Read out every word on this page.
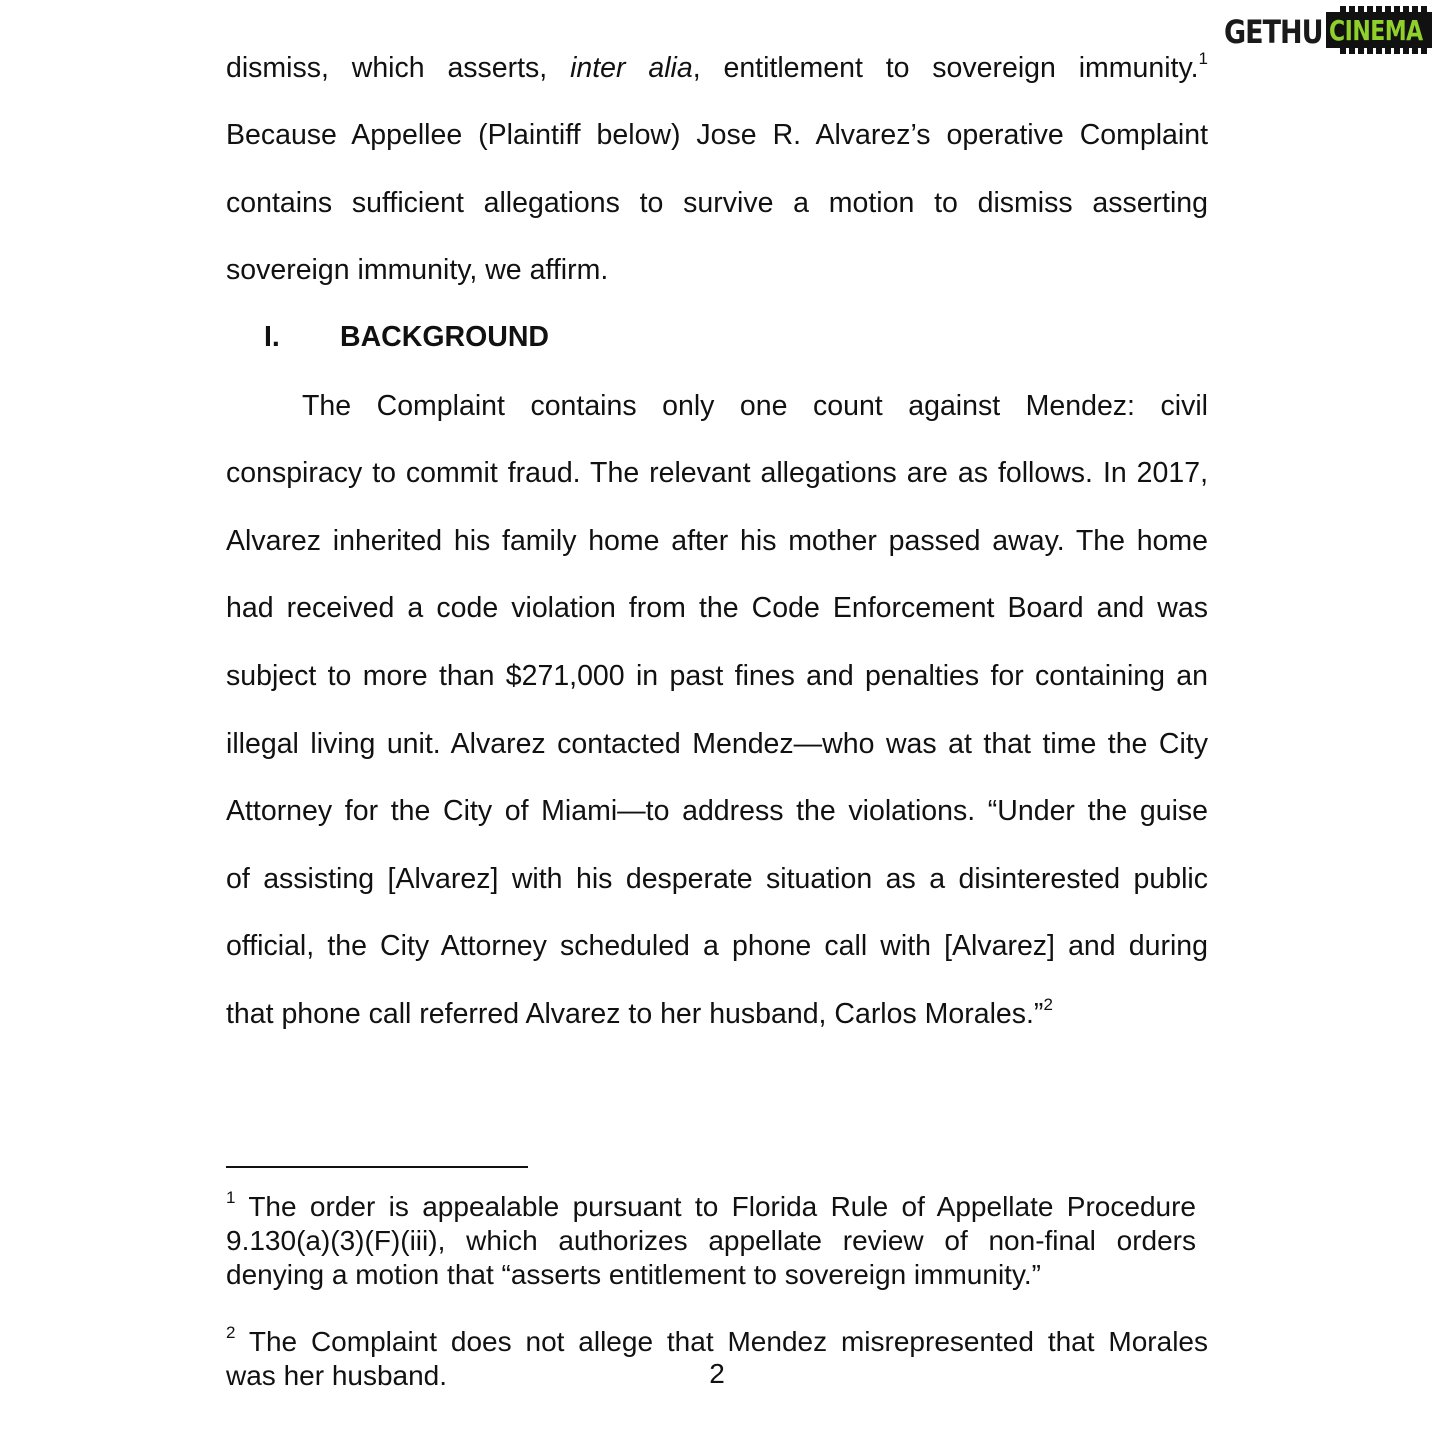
GETHU CINEMA
dismiss, which asserts, inter alia, entitlement to sovereign immunity.$^1$
Because Appellee (Plaintiff below) Jose R. Alvarez’s operative Complaint
contains sufficient allegations to survive a motion to dismiss asserting
sovereign immunity, we affirm.
I. BACKGROUND
The Complaint contains only one count against Mendez: civil
conspiracy to commit fraud. The relevant allegations are as follows. In 2017,
Alvarez inherited his family home after his mother passed away. The home
had received a code violation from the Code Enforcement Board and was
subject to more than $271,000 in past fines and penalties for containing an
illegal living unit. Alvarez contacted Mendez—who was at that time the City
Attorney for the City of Miami—to address the violations. “Under the guise
of assisting [Alvarez] with his desperate situation as a disinterested public
official, the City Attorney scheduled a phone call with [Alvarez] and during
that phone call referred Alvarez to her husband, Carlos Morales.”$^2$
$^1$ The order is appealable pursuant to Florida Rule of Appellate Procedure
9.130(a)(3)(F)(iii), which authorizes appellate review of non-final orders
denying a motion that “asserts entitlement to sovereign immunity.”
$^2$ The Complaint does not allege that Mendez misrepresented that Morales
was her husband.	2
